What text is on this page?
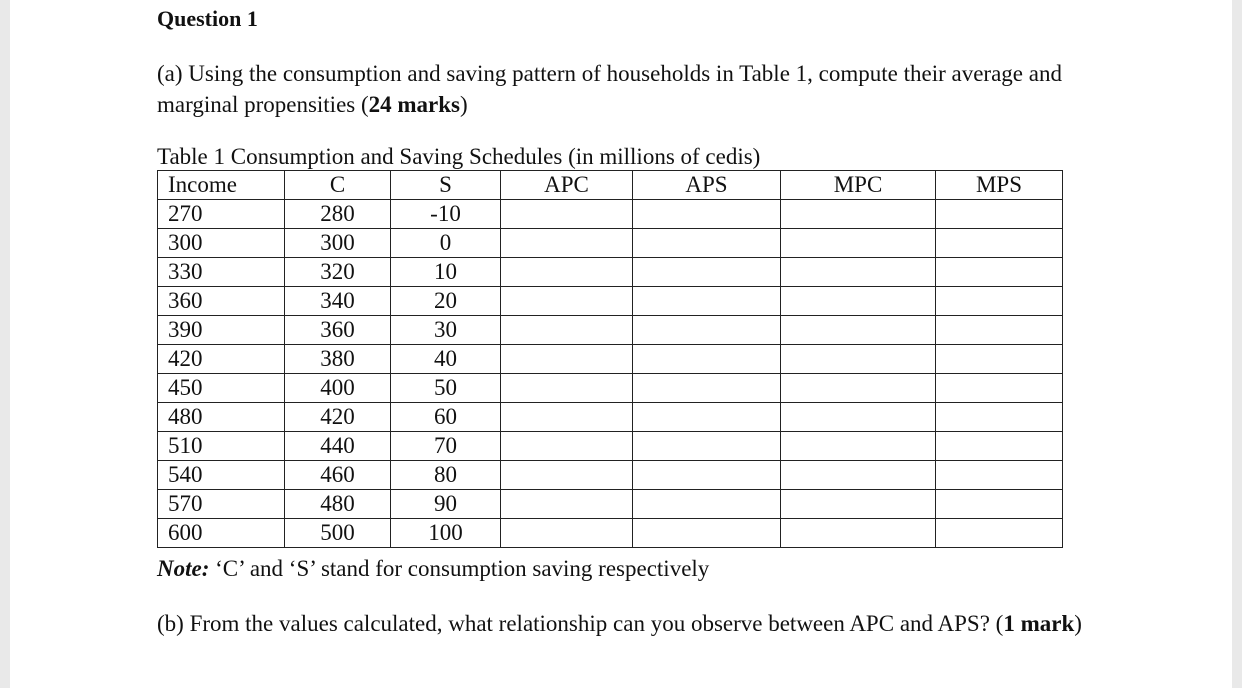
Question 1
(a) Using the consumption and saving pattern of households in Table 1, compute their average and marginal propensities (24 marks)
Table 1 Consumption and Saving Schedules (in millions of cedis)
Income	C	S	APC	APS	MPC	MPS
270	280	-10				
300	300	0				
330	320	10				
360	340	20				
390	360	30				
420	380	40				
450	400	50				
480	420	60				
510	440	70				
540	460	80				
570	480	90				
600	500	100				
Note: ‘C’ and ‘S’ stand for consumption saving respectively
(b) From the values calculated, what relationship can you observe between APC and APS? (1 mark)
